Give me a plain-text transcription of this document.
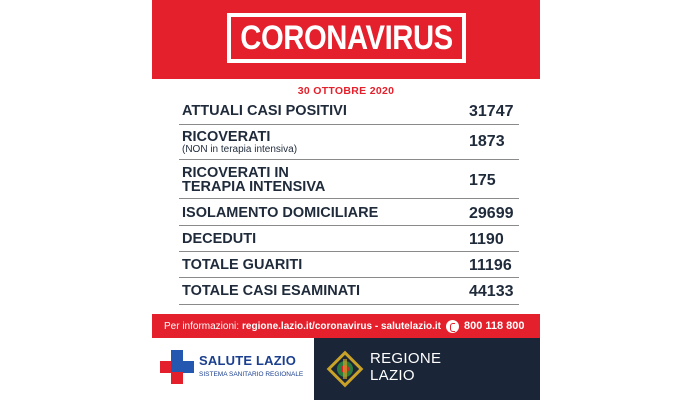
CORONAVIRUS
30 OTTOBRE 2020
ATTUALI CASI POSITIVI	31747
RICOVERATI
(NON in terapia intensiva)	1873
RICOVERATI IN
TERAPIA INTENSIVA	175
ISOLAMENTO DOMICILIARE	29699
DECEDUTI	1190
TOTALE GUARITI	11196
TOTALE CASI ESAMINATI	44133
Per informazioni: regione.lazio.it/coronavirus - salutelazio.it 800 118 800
SALUTE LAZIO
SISTEMA SANITARIO REGIONALE
REGIONE
LAZIO
